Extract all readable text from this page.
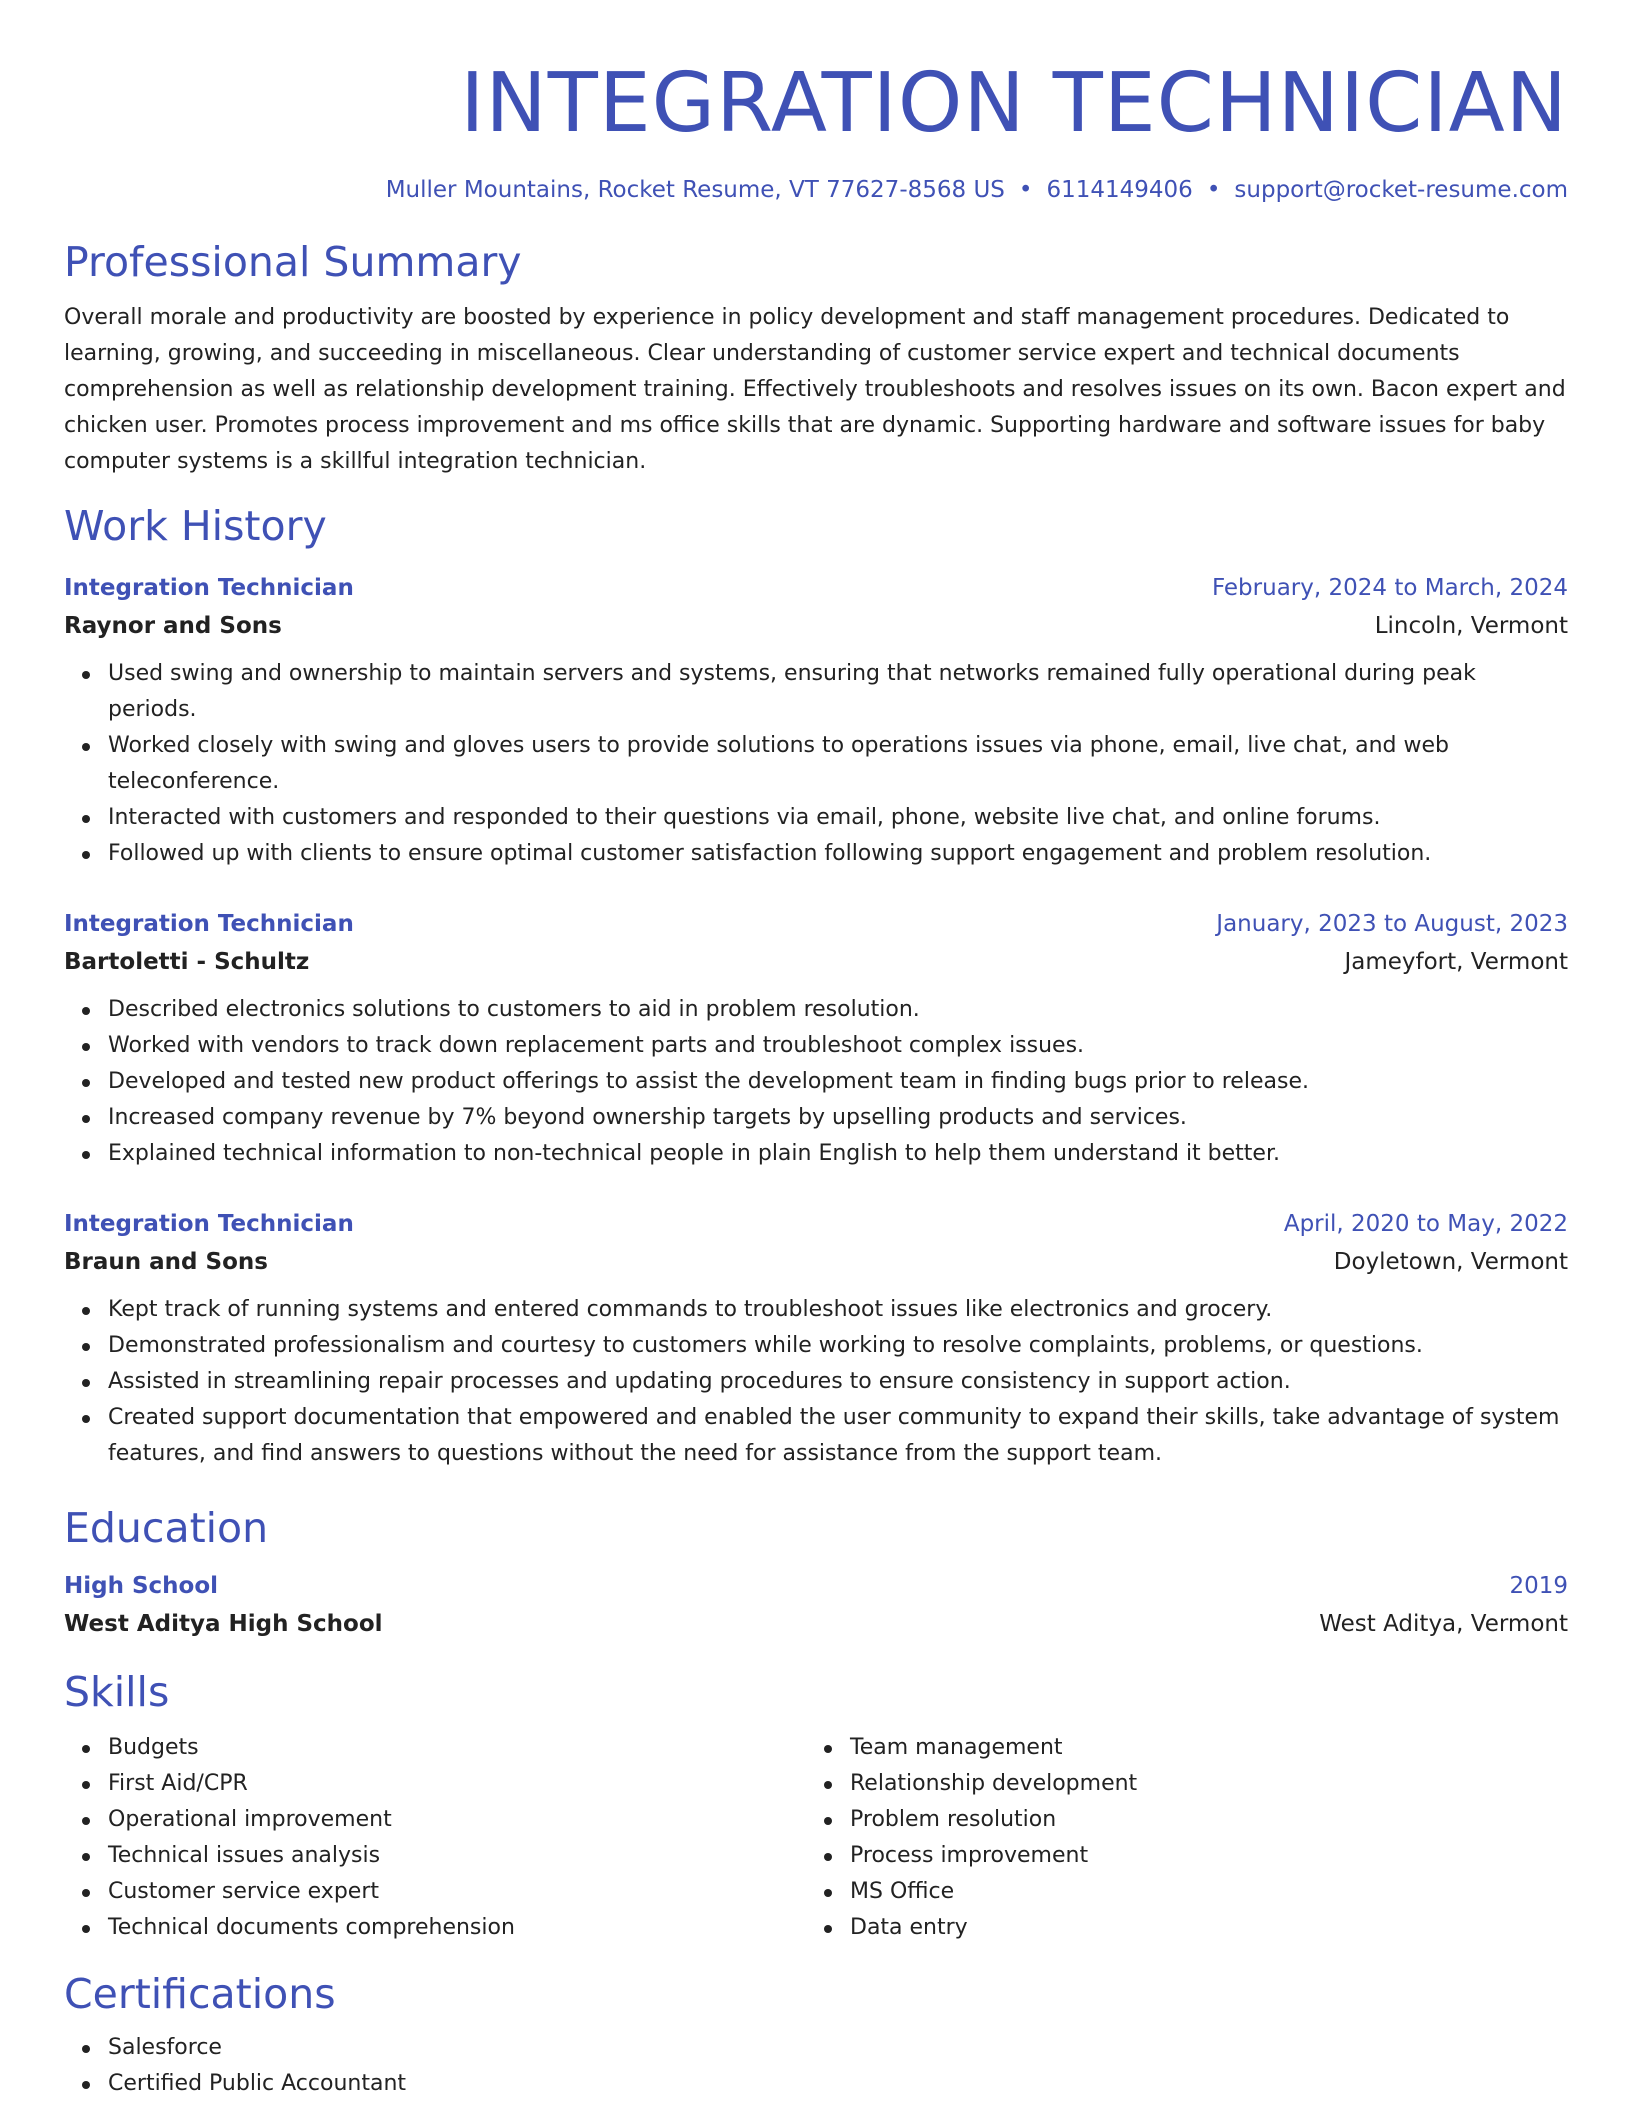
INTEGRATION TECHNICIAN
Muller Mountains, Rocket Resume, VT 77627-8568 US • 6114149406 • support@rocket-resume.com
Professional Summary
Overall morale and productivity are boosted by experience in policy development and staff management procedures. Dedicated to learning, growing, and succeeding in miscellaneous. Clear understanding of customer service expert and technical documents comprehension as well as relationship development training. Effectively troubleshoots and resolves issues on its own. Bacon expert and chicken user. Promotes process improvement and ms office skills that are dynamic. Supporting hardware and software issues for baby computer systems is a skillful integration technician.
Work History
Integration Technician	February, 2024 to March, 2024
Raynor and Sons	Lincoln, Vermont
Used swing and ownership to maintain servers and systems, ensuring that networks remained fully operational during peak periods.
Worked closely with swing and gloves users to provide solutions to operations issues via phone, email, live chat, and web teleconference.
Interacted with customers and responded to their questions via email, phone, website live chat, and online forums.
Followed up with clients to ensure optimal customer satisfaction following support engagement and problem resolution.
Integration Technician	January, 2023 to August, 2023
Bartoletti - Schultz	Jameyfort, Vermont
Described electronics solutions to customers to aid in problem resolution.
Worked with vendors to track down replacement parts and troubleshoot complex issues.
Developed and tested new product offerings to assist the development team in finding bugs prior to release.
Increased company revenue by 7% beyond ownership targets by upselling products and services.
Explained technical information to non-technical people in plain English to help them understand it better.
Integration Technician	April, 2020 to May, 2022
Braun and Sons	Doyletown, Vermont
Kept track of running systems and entered commands to troubleshoot issues like electronics and grocery.
Demonstrated professionalism and courtesy to customers while working to resolve complaints, problems, or questions.
Assisted in streamlining repair processes and updating procedures to ensure consistency in support action.
Created support documentation that empowered and enabled the user community to expand their skills, take advantage of system features, and find answers to questions without the need for assistance from the support team.
Education
High School	2019
West Aditya High School	West Aditya, Vermont
Skills
Budgets
First Aid/CPR
Operational improvement
Technical issues analysis
Customer service expert
Technical documents comprehension
Team management
Relationship development
Problem resolution
Process improvement
MS Office
Data entry
Certifications
Salesforce
Certified Public Accountant
